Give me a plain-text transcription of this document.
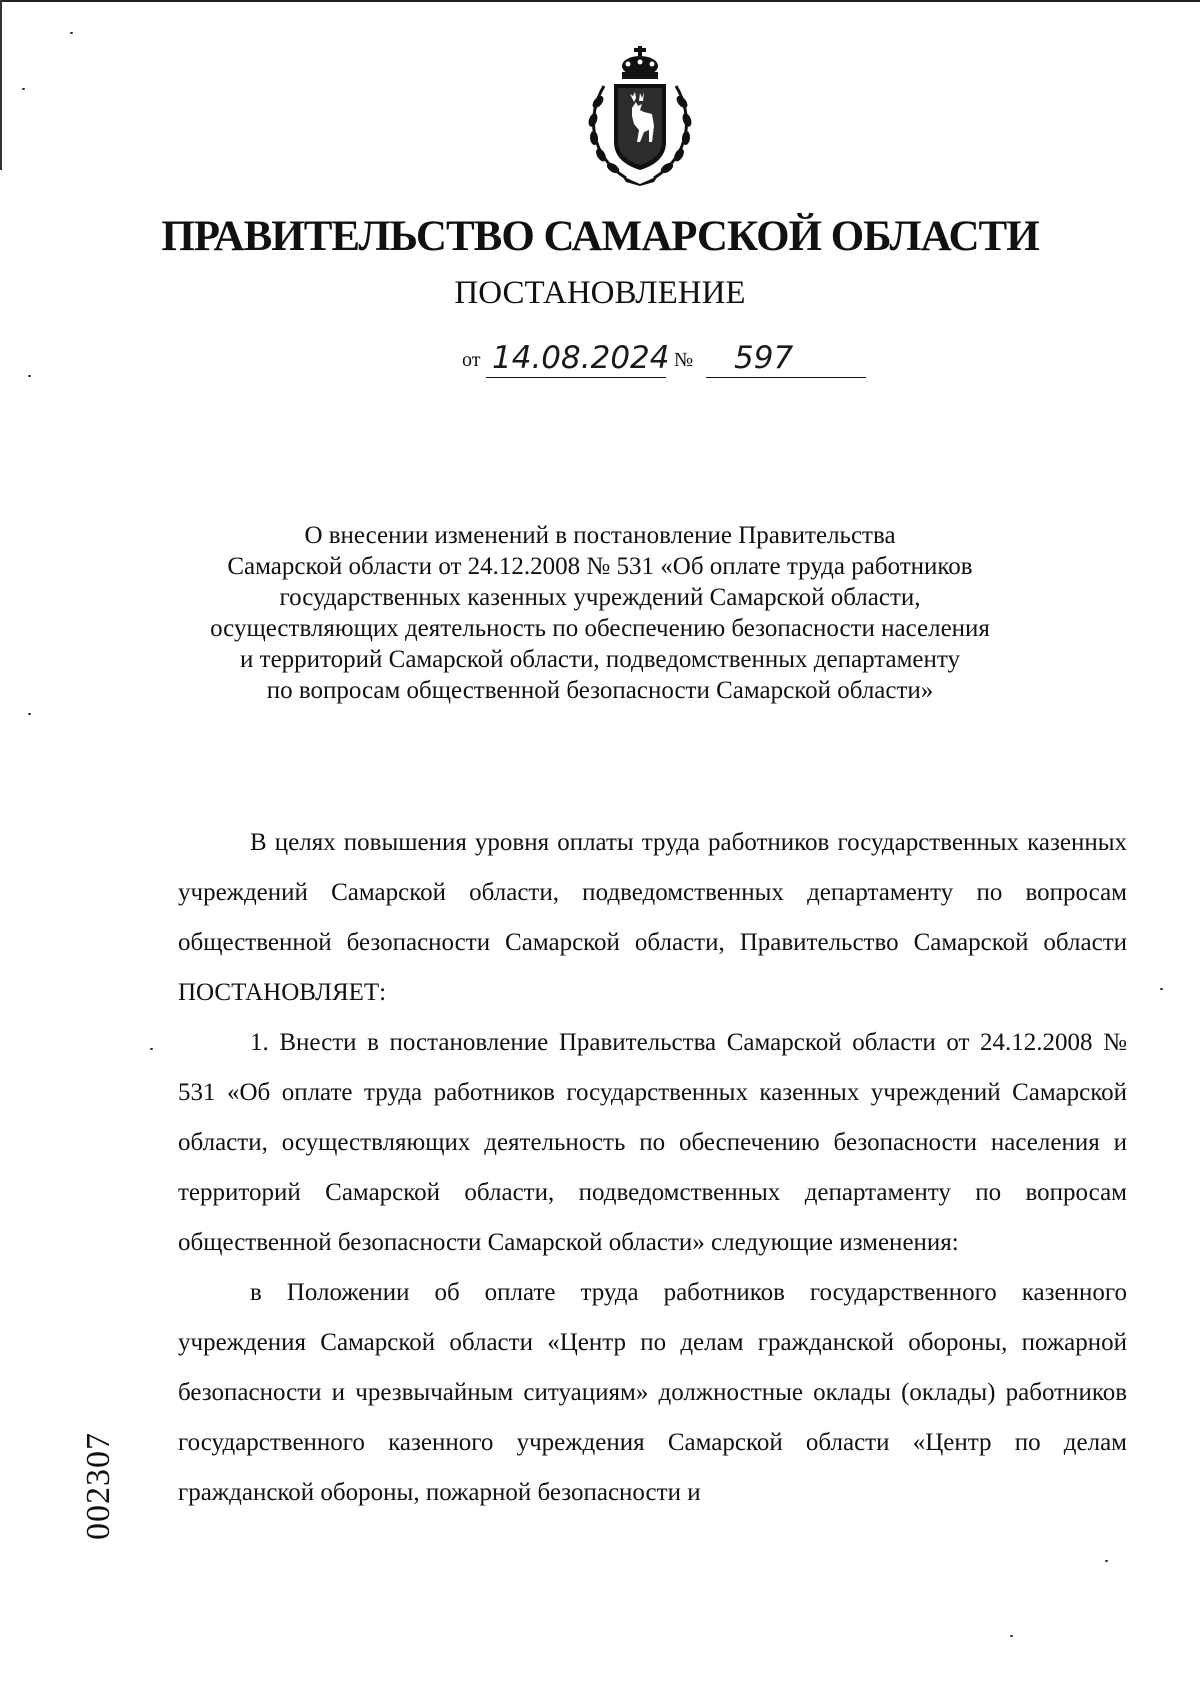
ПРАВИТЕЛЬСТВО САМАРСКОЙ ОБЛАСТИ
ПОСТАНОВЛЕНИЕ
от 14.08.2024 № 597
О внесении изменений в постановление Правительства
Самарской области от 24.12.2008 № 531 «Об оплате труда работников
государственных казенных учреждений Самарской области,
осуществляющих деятельность по обеспечению безопасности населения
и территорий Самарской области, подведомственных департаменту
по вопросам общественной безопасности Самарской области»

В целях повышения уровня оплаты труда работников государственных казенных учреждений Самарской области, подведомственных департаменту по вопросам общественной безопасности Самарской области, Правительство Самарской области ПОСТАНОВЛЯЕТ:

1. Внести в постановление Правительства Самарской области от 24.12.2008 № 531 «Об оплате труда работников государственных казенных учреждений Самарской области, осуществляющих деятельность по обеспечению безопасности населения и территорий Самарской области, подведомственных департаменту по вопросам общественной безопасности Самарской области» следующие изменения:

в Положении об оплате труда работников государственного казенного учреждения Самарской области «Центр по делам гражданской обороны, пожарной безопасности и чрезвычайным ситуациям» должностные оклады (оклады) работников государственного казенного учреждения Самарской области «Центр по делам гражданской обороны, пожарной безопасности и

002307
